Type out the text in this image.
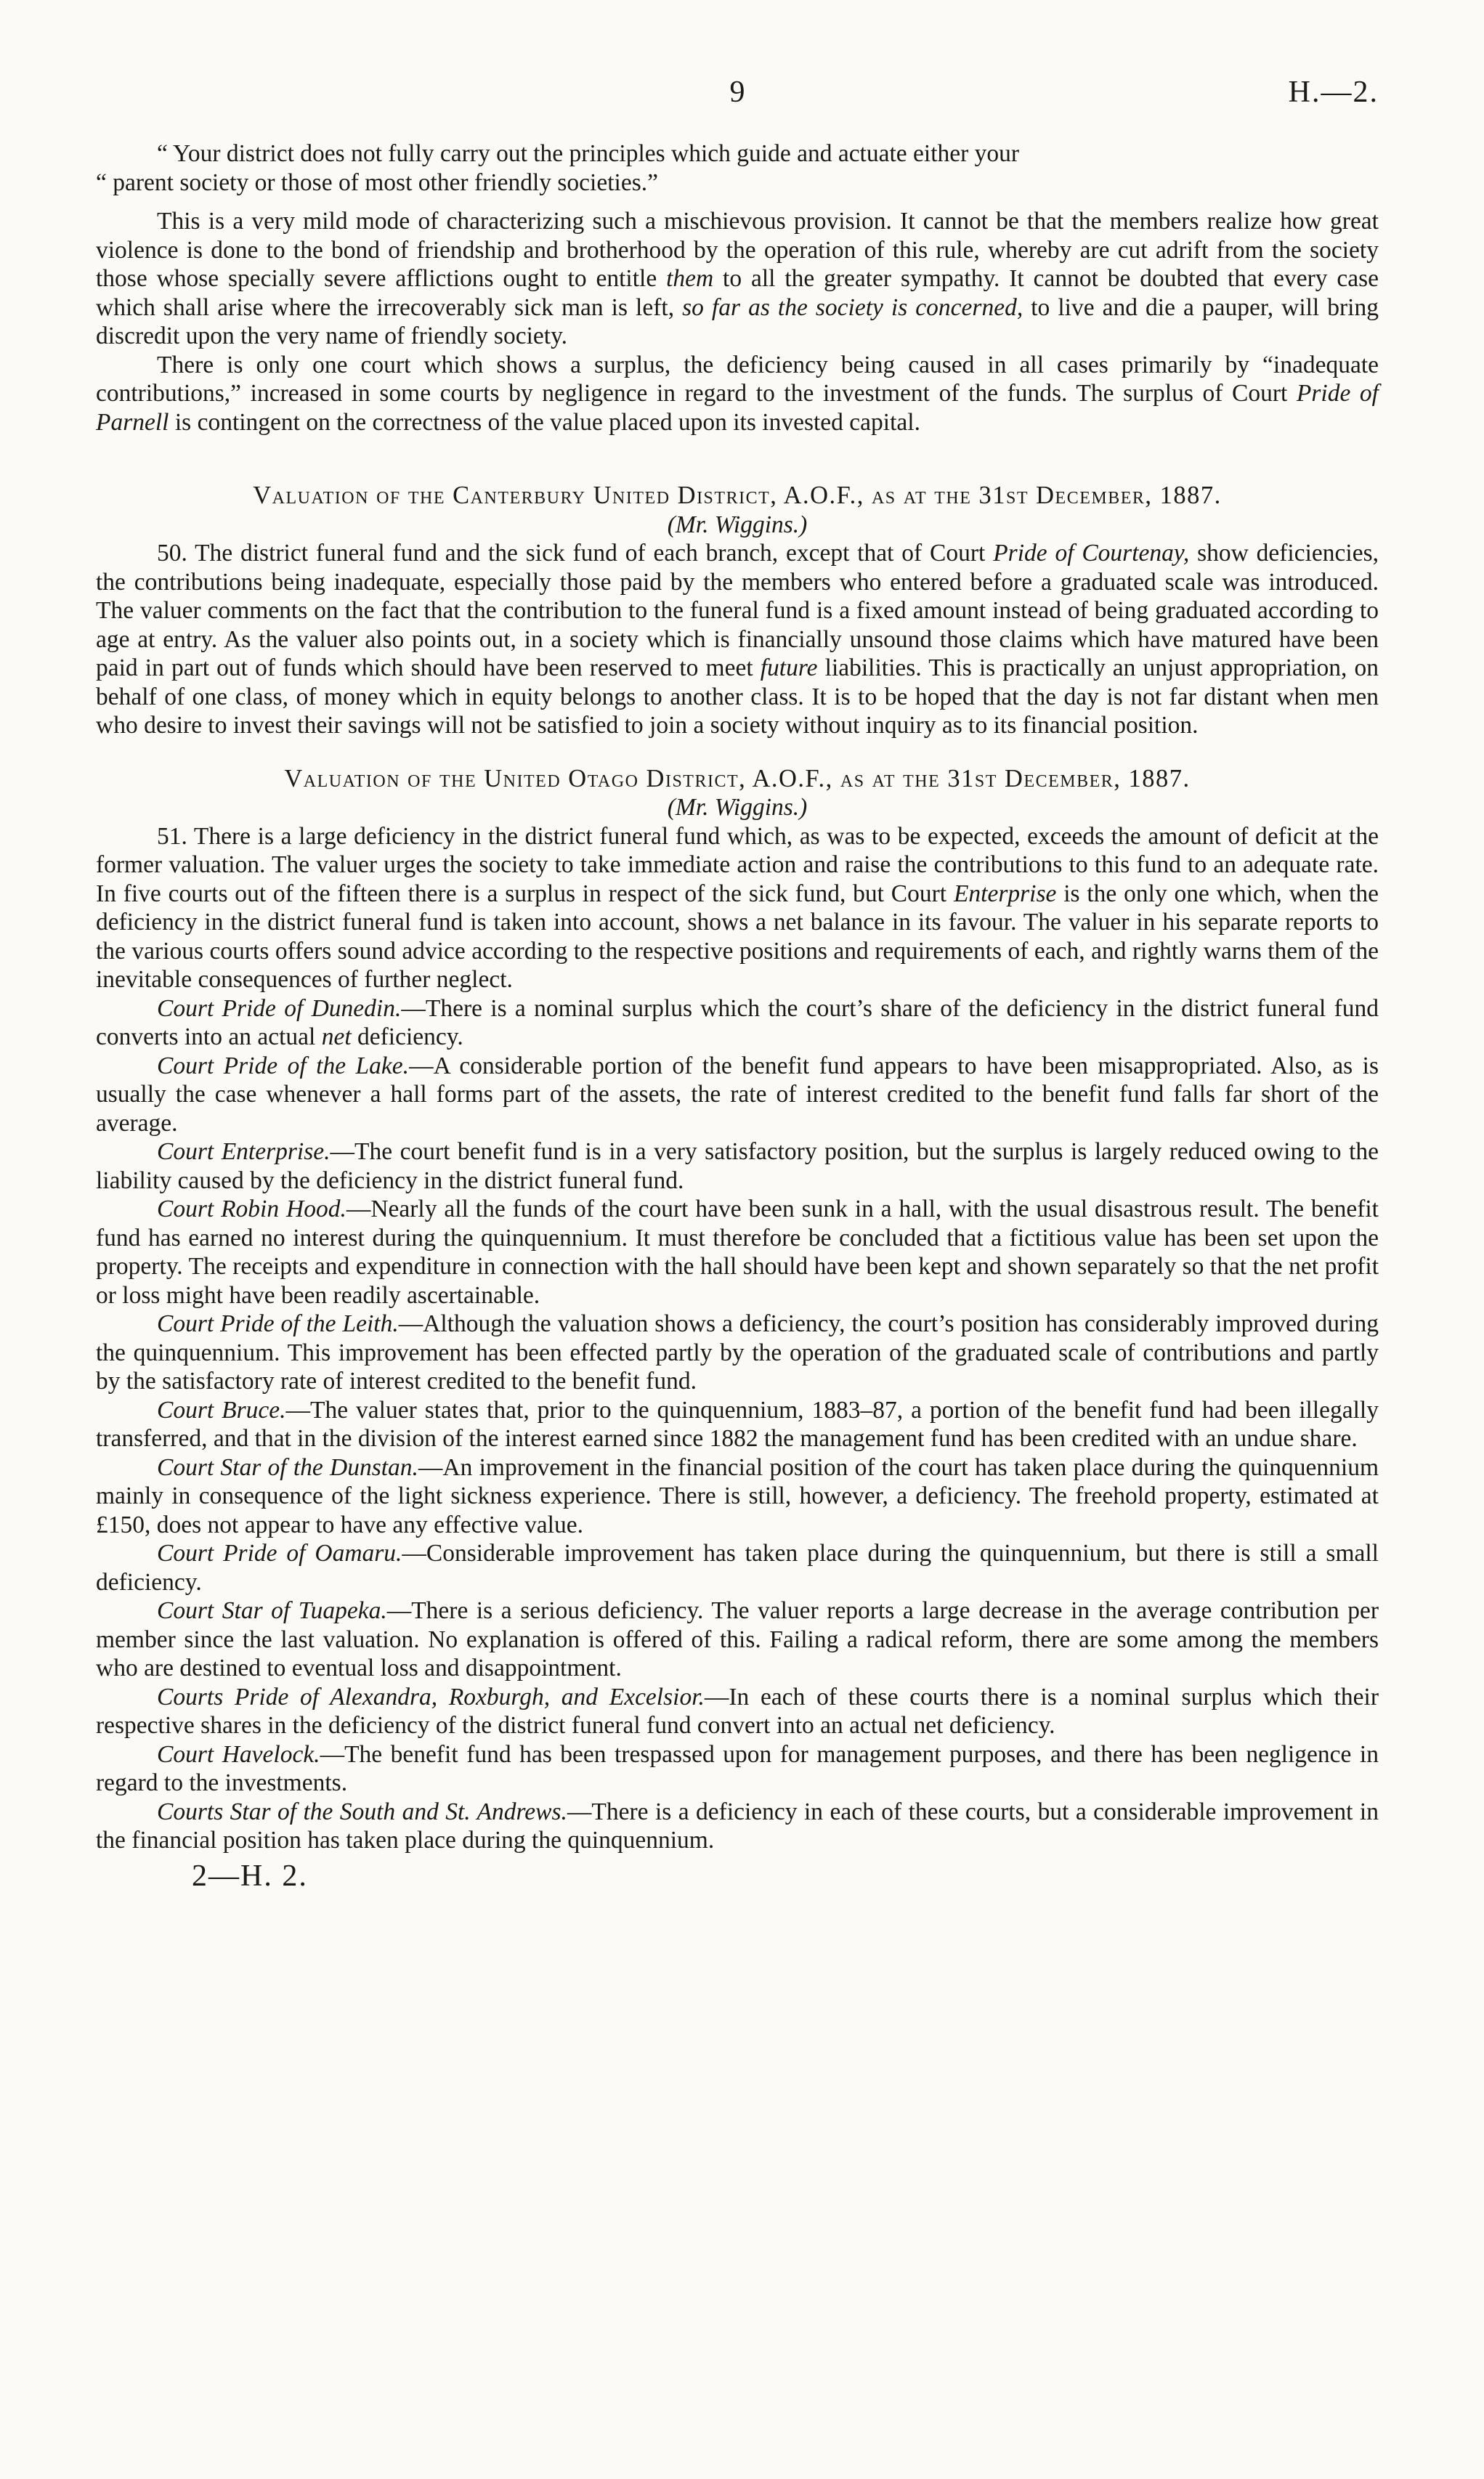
9	H.—2.

“ Your district does not fully carry out the principles which guide and actuate either your

“ parent society or those of most other friendly societies.”

This is a very mild mode of characterizing such a mischievous provision. It cannot be that the members realize how great violence is done to the bond of friendship and brotherhood by the operation of this rule, whereby are cut adrift from the society those whose specially severe afflictions ought to entitle them to all the greater sympathy. It cannot be doubted that every case which shall arise where the irrecoverably sick man is left, so far as the society is concerned, to live and die a pauper, will bring discredit upon the very name of friendly society.

There is only one court which shows a surplus, the deficiency being caused in all cases primarily by “inadequate contributions,” increased in some courts by negligence in regard to the investment of the funds. The surplus of Court Pride of Parnell is contingent on the correctness of the value placed upon its invested capital.

Valuation of the Canterbury United District, A.O.F., as at the 31st December, 1887.

(Mr. Wiggins.)

50. The district funeral fund and the sick fund of each branch, except that of Court Pride of Courtenay, show deficiencies, the contributions being inadequate, especially those paid by the members who entered before a graduated scale was introduced. The valuer comments on the fact that the contribution to the funeral fund is a fixed amount instead of being graduated according to age at entry. As the valuer also points out, in a society which is financially unsound those claims which have matured have been paid in part out of funds which should have been reserved to meet future liabilities. This is practically an unjust appropriation, on behalf of one class, of money which in equity belongs to another class. It is to be hoped that the day is not far distant when men who desire to invest their savings will not be satisfied to join a society without inquiry as to its financial position.

Valuation of the United Otago District, A.O.F., as at the 31st December, 1887.

(Mr. Wiggins.)

51. There is a large deficiency in the district funeral fund which, as was to be expected, exceeds the amount of deficit at the former valuation. The valuer urges the society to take immediate action and raise the contributions to this fund to an adequate rate. In five courts out of the fifteen there is a surplus in respect of the sick fund, but Court Enterprise is the only one which, when the deficiency in the district funeral fund is taken into account, shows a net balance in its favour. The valuer in his separate reports to the various courts offers sound advice according to the respective positions and requirements of each, and rightly warns them of the inevitable consequences of further neglect.

Court Pride of Dunedin.—There is a nominal surplus which the court’s share of the deficiency in the district funeral fund converts into an actual net deficiency.

Court Pride of the Lake.—A considerable portion of the benefit fund appears to have been misappropriated. Also, as is usually the case whenever a hall forms part of the assets, the rate of interest credited to the benefit fund falls far short of the average.

Court Enterprise.—The court benefit fund is in a very satisfactory position, but the surplus is largely reduced owing to the liability caused by the deficiency in the district funeral fund.

Court Robin Hood.—Nearly all the funds of the court have been sunk in a hall, with the usual disastrous result. The benefit fund has earned no interest during the quinquennium. It must therefore be concluded that a fictitious value has been set upon the property. The receipts and expenditure in connection with the hall should have been kept and shown separately so that the net profit or loss might have been readily ascertainable.

Court Pride of the Leith.—Although the valuation shows a deficiency, the court’s position has considerably improved during the quinquennium. This improvement has been effected partly by the operation of the graduated scale of contributions and partly by the satisfactory rate of interest credited to the benefit fund.

Court Bruce.—The valuer states that, prior to the quinquennium, 1883–87, a portion of the benefit fund had been illegally transferred, and that in the division of the interest earned since 1882 the management fund has been credited with an undue share.

Court Star of the Dunstan.—An improvement in the financial position of the court has taken place during the quinquennium mainly in consequence of the light sickness experience. There is still, however, a deficiency. The freehold property, estimated at £150, does not appear to have any effective value.

Court Pride of Oamaru.—Considerable improvement has taken place during the quinquennium, but there is still a small deficiency.

Court Star of Tuapeka.—There is a serious deficiency. The valuer reports a large decrease in the average contribution per member since the last valuation. No explanation is offered of this. Failing a radical reform, there are some among the members who are destined to eventual loss and disappointment.

Courts Pride of Alexandra, Roxburgh, and Excelsior.—In each of these courts there is a nominal surplus which their respective shares in the deficiency of the district funeral fund convert into an actual net deficiency.

Court Havelock.—The benefit fund has been trespassed upon for management purposes, and there has been negligence in regard to the investments.

Courts Star of the South and St. Andrews.—There is a deficiency in each of these courts, but a considerable improvement in the financial position has taken place during the quinquennium.

2—H. 2.
